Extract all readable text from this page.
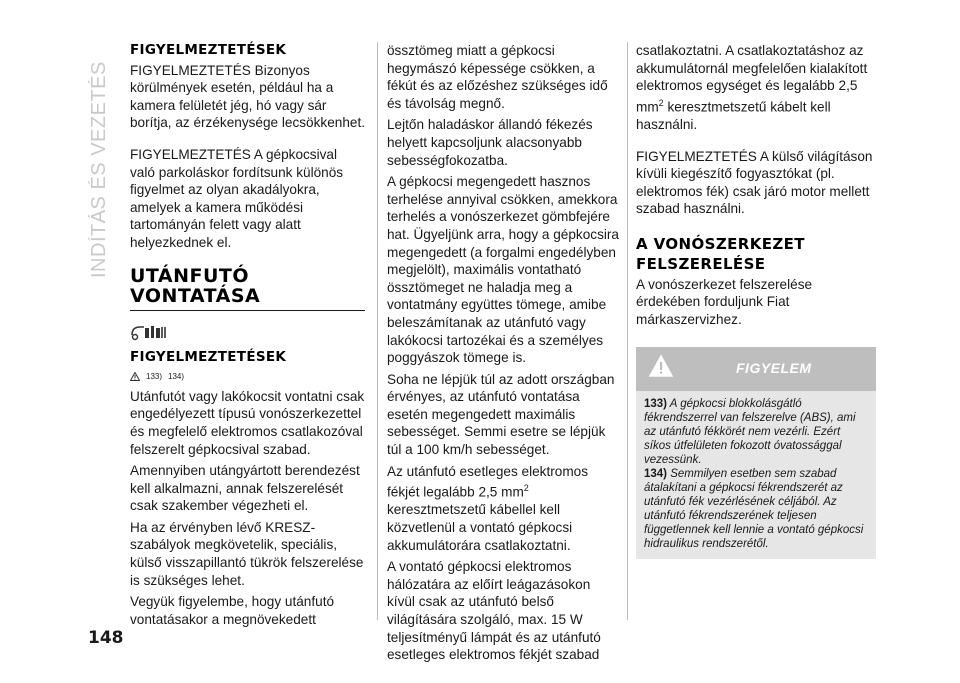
INDÍTÁS ÉS VEZETÉS
FIGYELMEZTETÉSEK

FIGYELMEZTETÉS Bizonyos körülmények esetén, például ha a kamera felületét jég, hó vagy sár borítja, az érzékenysége lecsökkenhet.

FIGYELMEZTETÉS A gépkocsival való parkoláskor fordítsunk különös figyelmet az olyan akadályokra, amelyek a kamera működési tartományán felett vagy alatt helyezkednek el.

UTÁNFUTÓ
VONTATÁSA
FIGYELMEZTETÉSEK
133) 134)

Utánfutót vagy lakókocsit vontatni csak engedélyezett típusú vonószerkezettel és megfelelő elektromos csatlakozóval felszerelt gépkocsival szabad.

Amennyiben utángyártott berendezést kell alkalmazni, annak felszerelését csak szakember végezheti el.

Ha az érvényben lévő KRESZ-szabályok megkövetelik, speciális, külső visszapillantó tükrök felszerelése is szükséges lehet.

Vegyük figyelembe, hogy utánfutó vontatásakor a megnövekedett

össztömeg miatt a gépkocsi hegymászó képessége csökken, a fékút és az előzéshez szükséges idő és távolság megnő.

Lejtőn haladáskor állandó fékezés helyett kapcsoljunk alacsonyabb sebességfokozatba.

A gépkocsi megengedett hasznos terhelése annyival csökken, amekkora terhelés a vonószerkezet gömbfejére hat. Ügyeljünk arra, hogy a gépkocsira megengedett (a forgalmi engedélyben megjelölt), maximális vontatható össztömeget ne haladja meg a vontatmány együttes tömege, amibe beleszámítanak az utánfutó vagy lakókocsi tartozékai és a személyes poggyászok tömege is.

Soha ne lépjük túl az adott országban érvényes, az utánfutó vontatása esetén megengedett maximális sebességet. Semmi esetre se lépjük túl a 100 km/h sebességet.

Az utánfutó esetleges elektromos fékjét legalább 2,5 $mm^2$ keresztmetszetű kábellel kell közvetlenül a vontató gépkocsi akkumulátorára csatlakoztatni.

A vontató gépkocsi elektromos hálózatára az előírt leágazásokon kívül csak az utánfutó belső világítására szolgáló, max. 15 W teljesítményű lámpát és az utánfutó esetleges elektromos fékjét szabad

csatlakoztatni. A csatlakoztatáshoz az akkumulátornál megfelelően kialakított elektromos egységet és legalább 2,5 $mm^2$ keresztmetszetű kábelt kell használni.

FIGYELMEZTETÉS A külső világításon kívüli kiegészítő fogyasztókat (pl. elektromos fék) csak járó motor mellett szabad használni.

A VONÓSZERKEZET
FELSZERELÉSE

A vonószerkezet felszerelése érdekében forduljunk Fiat márkaszervizhez.

FIGYELEM

133) A gépkocsi blokkolásgátló fékrendszerrel van felszerelve (ABS), ami az utánfutó fékkörét nem vezérli. Ezért síkos útfelületen fokozott óvatossággal vezessünk.

134) Semmilyen esetben sem szabad átalakítani a gépkocsi fékrendszerét az utánfutó fék vezérlésének céljából. Az utánfutó fékrendszerének teljesen függetlennek kell lennie a vontató gépkocsi hidraulikus rendszerétől.

148
